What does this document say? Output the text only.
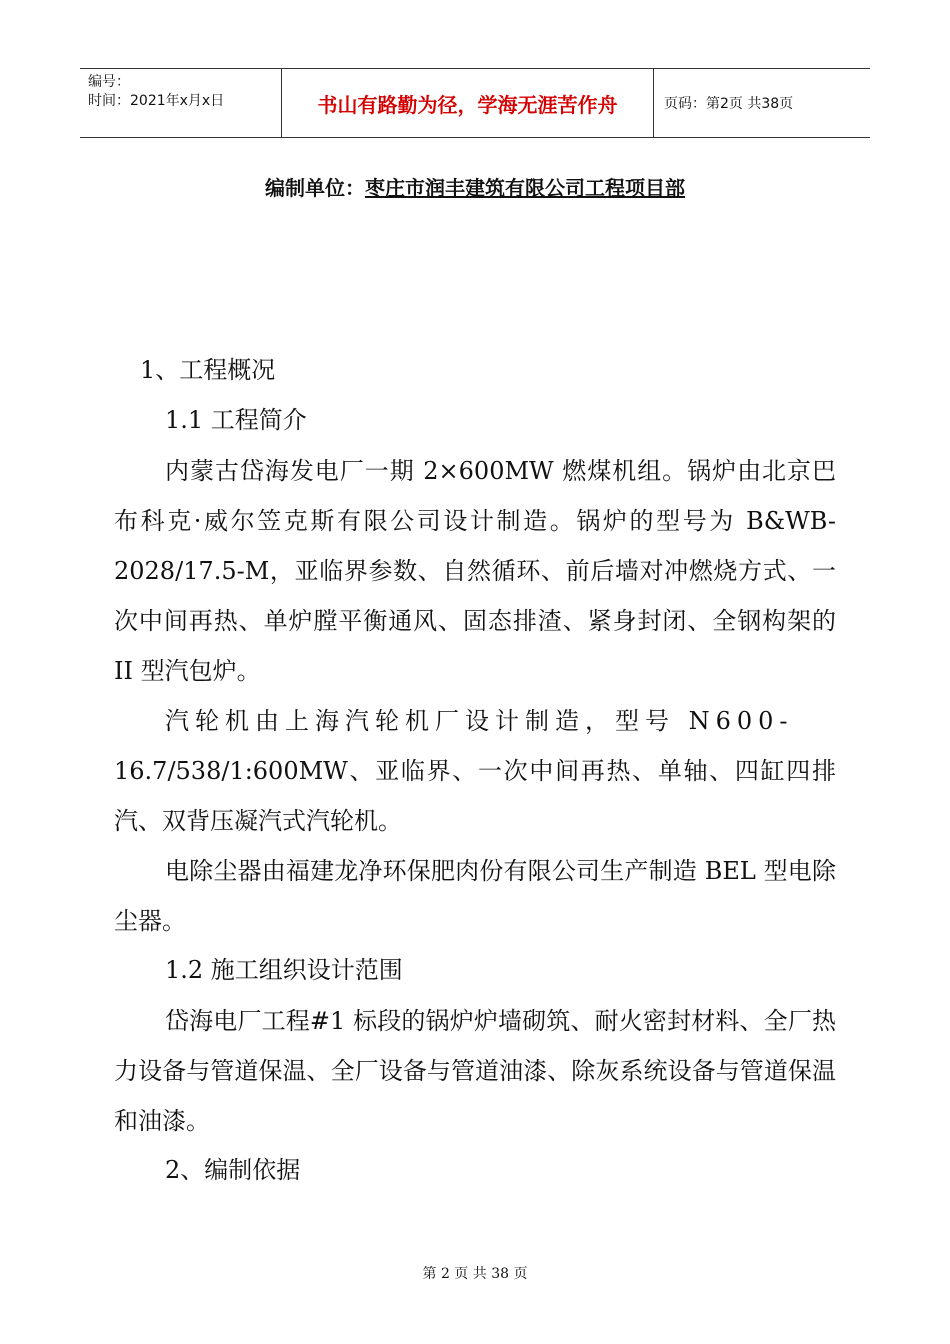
编号：
时间：2021年x月x日	书山有路勤为径，学海无涯苦作舟	页码：第2页 共38页
编制单位：枣庄市润丰建筑有限公司工程项目部
1、工程概况
1.1 工程简介

内蒙古岱海发电厂一期 2×600MW 燃煤机组。锅炉由北京巴布科克·威尔笠克斯有限公司设计制造。锅炉的型号为 B&WB-2028/17.5-M，亚临界参数、自然循环、前后墙对冲燃烧方式、一次中间再热、单炉膛平衡通风、固态排渣、紧身封闭、全钢构架的 II 型汽包炉。

汽轮机由上海汽轮机厂设计制造，型号 N600-

16.7/538/1:600MW、亚临界、一次中间再热、单轴、四缸四排汽、双背压凝汽式汽轮机。

电除尘器由福建龙净环保肥肉份有限公司生产制造 BEL 型电除尘器。

1.2 施工组织设计范围

岱海电厂工程#1 标段的锅炉炉墙砌筑、耐火密封材料、全厂热力设备与管道保温、全厂设备与管道油漆、除灰系统设备与管道保温和油漆。

2、编制依据
第 2 页 共 38 页
